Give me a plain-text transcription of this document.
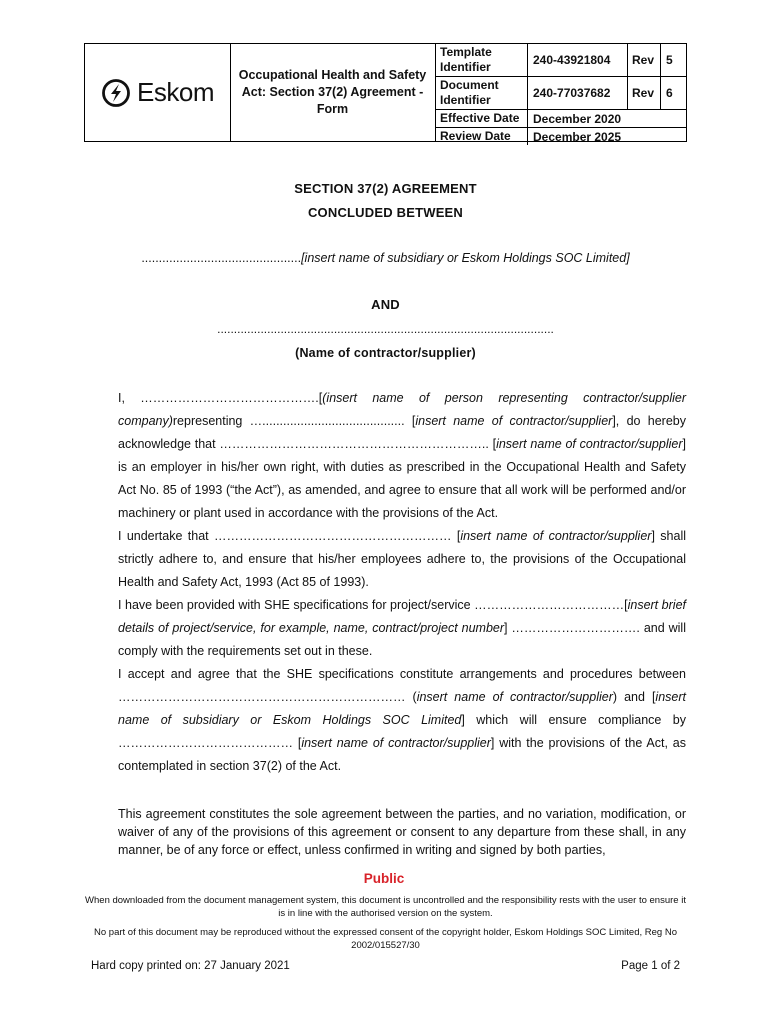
Eskom
Occupational Health and Safety Act: Section 37(2) Agreement - Form
Template Identifier	240-43921804	Rev 5
Document Identifier	240-77037682	Rev 6
Effective Date	December 2020
Review Date	December 2025
SECTION 37(2) AGREEMENT
CONCLUDED BETWEEN
..............................................[insert name of subsidiary or Eskom Holdings SOC Limited]
AND
.....................................................................................................
(Name of contractor/supplier)

I, …………………………………….[(insert name of person representing contractor/supplier company)representing …......................................... [insert name of contractor/supplier], do hereby acknowledge that ……………………………………………………….. [insert name of contractor/supplier] is an employer in his/her own right, with duties as prescribed in the Occupational Health and Safety Act No. 85 of 1993 (“the Act”), as amended, and agree to ensure that all work will be performed and/or machinery or plant used in accordance with the provisions of the Act.

I undertake that ………………………………………………… [insert name of contractor/supplier] shall strictly adhere to, and ensure that his/her employees adhere to, the provisions of the Occupational Health and Safety Act, 1993 (Act 85 of 1993).

I have been provided with SHE specifications for project/service ………………………………[insert brief details of project/service, for example, name, contract/project number] …………………………. and will comply with the requirements set out in these.

I accept and agree that the SHE specifications constitute arrangements and procedures between …………………………………………………………… (insert name of contractor/supplier) and [insert name of subsidiary or Eskom Holdings SOC Limited] which will ensure compliance by …………………………………… [insert name of contractor/supplier] with the provisions of the Act, as contemplated in section 37(2) of the Act.

This agreement constitutes the sole agreement between the parties, and no variation, modification, or waiver of any of the provisions of this agreement or consent to any departure from these shall, in any manner, be of any force or effect, unless confirmed in writing and signed by both parties,
Public
When downloaded from the document management system, this document is uncontrolled and the responsibility rests with the user to ensure it is in line with the authorised version on the system.
No part of this document may be reproduced without the expressed consent of the copyright holder, Eskom Holdings SOC Limited, Reg No 2002/015527/30
Hard copy printed on: 27 January 2021	Page 1 of 2
